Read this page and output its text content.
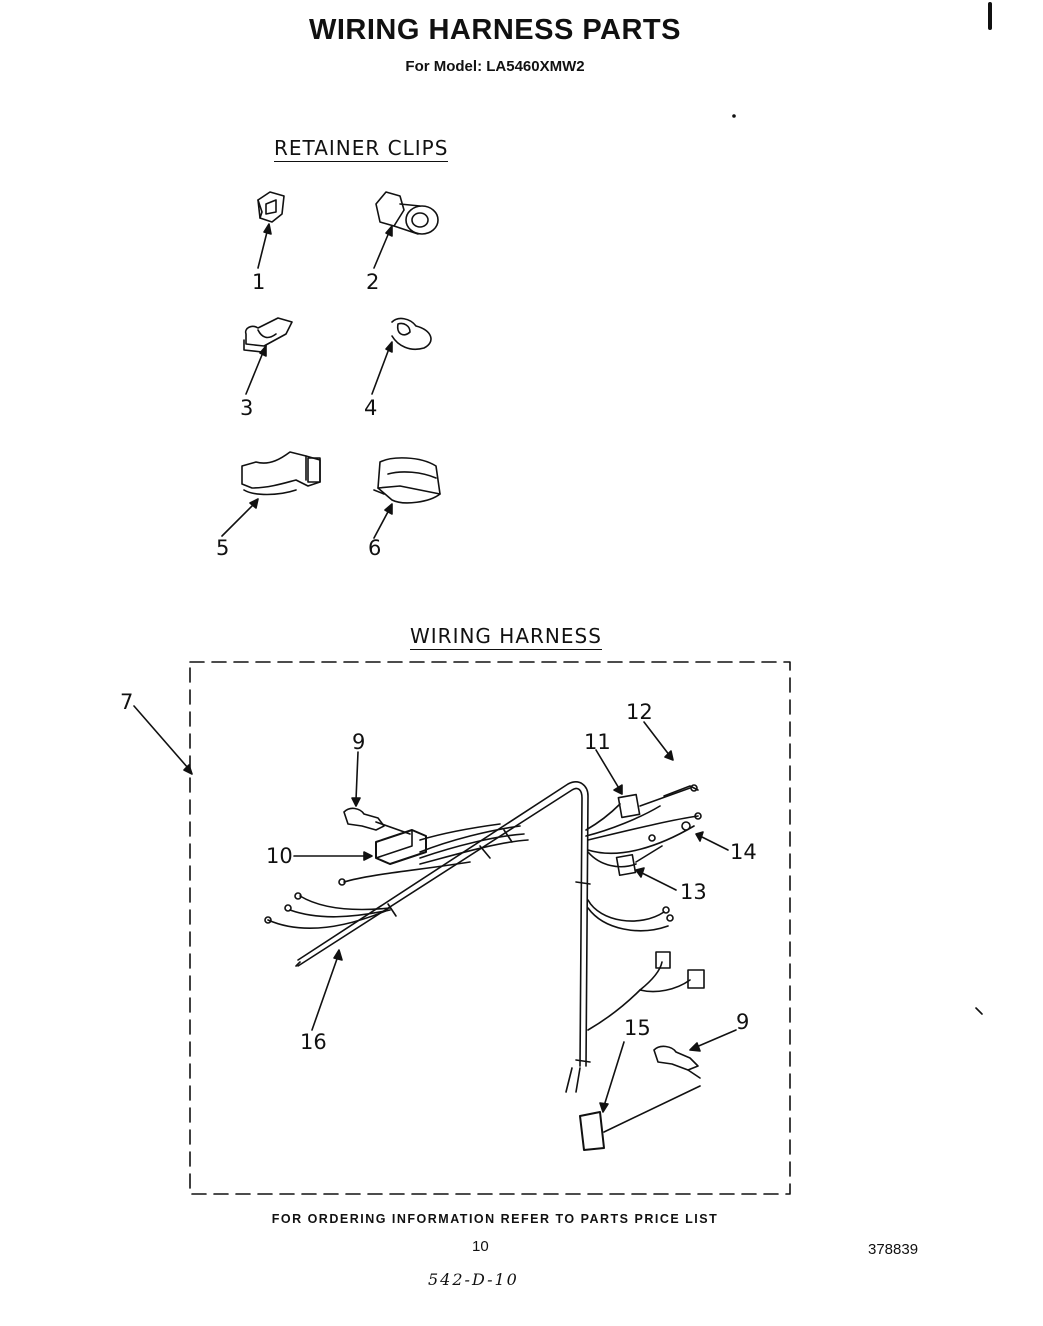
WIRING HARNESS PARTS
For Model: LA5460XMW2
RETAINER CLIPS
WIRING HARNESS
1	2
3	4
5	6
7
9
10
11
12
13
14
15
16
9
FOR ORDERING INFORMATION REFER TO PARTS PRICE LIST
10	378839
542-D-10
